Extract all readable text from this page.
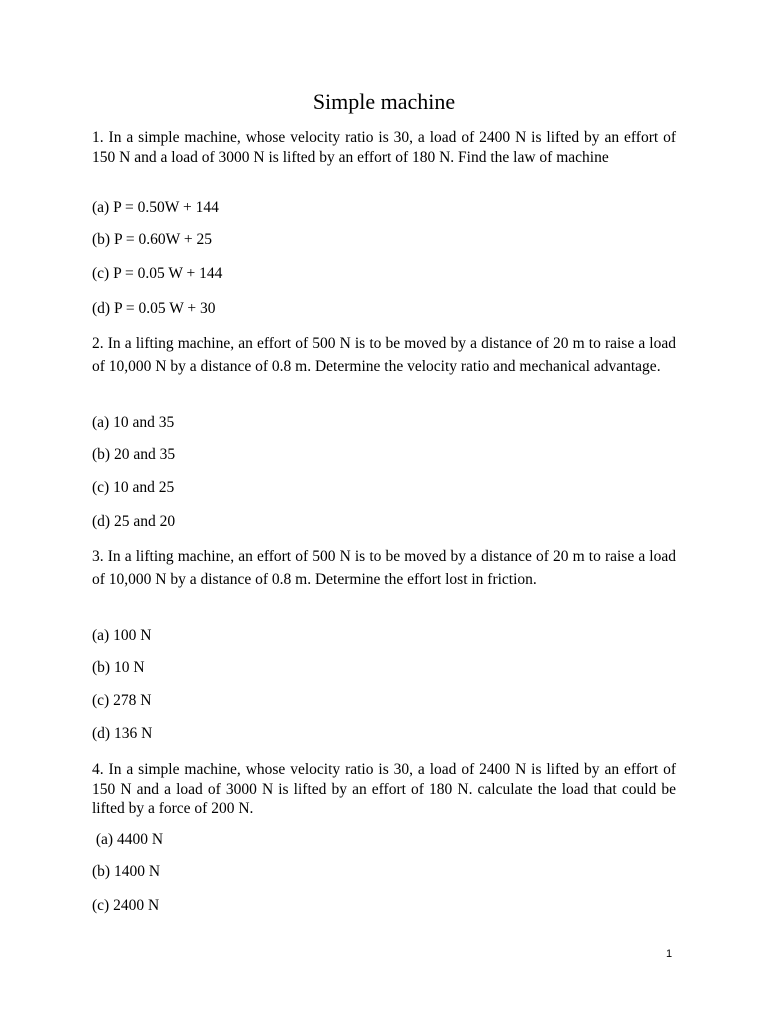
Simple machine
1. In a simple machine, whose velocity ratio is 30, a load of 2400 N is lifted by an effort of 150 N and a load of 3000 N is lifted by an effort of 180 N. Find the law of machine
(a) P = 0.50W + 144
(b) P = 0.60W + 25
(c) P = 0.05 W + 144
(d) P = 0.05 W + 30
2. In a lifting machine, an effort of 500 N is to be moved by a distance of 20 m to raise a load of 10,000 N by a distance of 0.8 m. Determine the velocity ratio and mechanical advantage.
(a) 10 and 35
(b) 20 and 35
(c) 10 and 25
(d) 25 and 20
3. In a lifting machine, an effort of 500 N is to be moved by a distance of 20 m to raise a load of 10,000 N by a distance of 0.8 m. Determine the effort lost in friction.
(a) 100 N
(b) 10 N
(c) 278 N
(d) 136 N
4. In a simple machine, whose velocity ratio is 30, a load of 2400 N is lifted by an effort of 150 N and a load of 3000 N is lifted by an effort of 180 N. calculate the load that could be lifted by a force of 200 N.
(a) 4400 N
(b) 1400 N
(c) 2400 N
1
